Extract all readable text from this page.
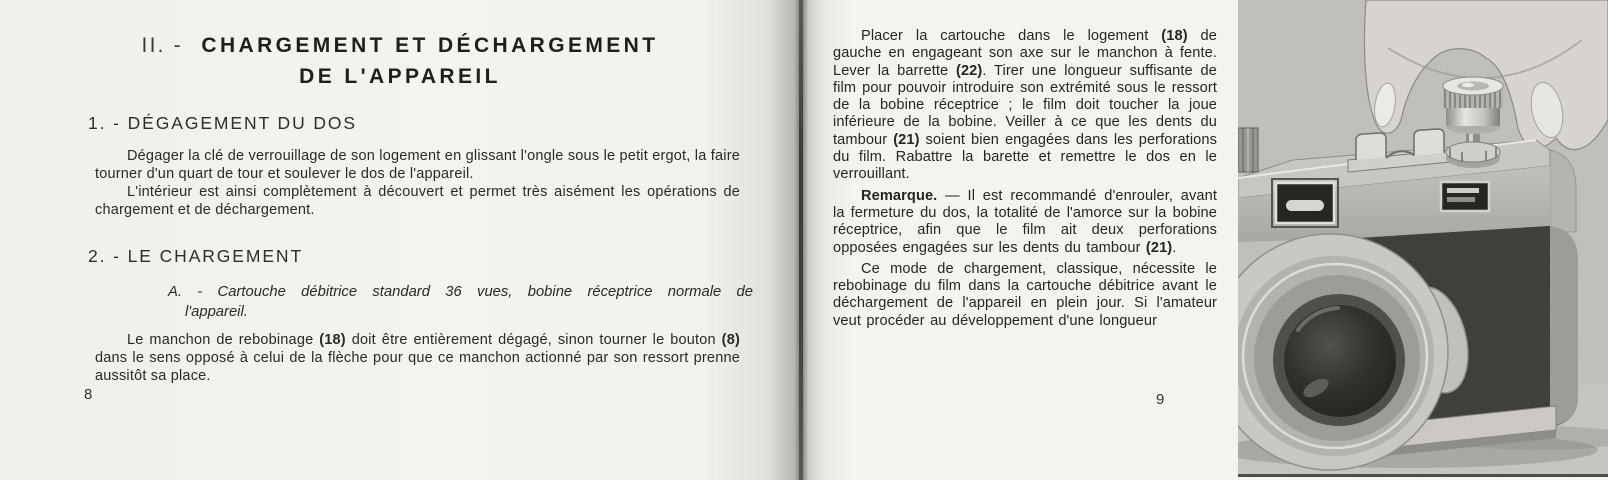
II. - CHARGEMENT ET DÉCHARGEMENT
DE L'APPAREIL
1. - DÉGAGEMENT DU DOS

Dégager la clé de verrouillage de son logement en glissant l'ongle sous le petit ergot, la faire tourner d'un quart de tour et soulever le dos de l'appareil.

L'intérieur est ainsi complètement à découvert et permet très aisément les opérations de chargement et de déchargement.

2. - LE CHARGEMENT

A. - Cartouche débitrice standard 36 vues, bobine réceptrice normale de l'appareil.

Le manchon de rebobinage (18) doit être entièrement dégagé, sinon tourner le bouton (8) dans le sens opposé à celui de la flèche pour que ce manchon actionné par son ressort prenne aussitôt sa place.

8

Placer la cartouche dans le logement (18) de gauche en engageant son axe sur le manchon à fente. Lever la barrette (22). Tirer une longueur suffisante de film pour pouvoir introduire son extrémité sous le ressort de la bobine réceptrice ; le film doit toucher la joue inférieure de la bobine. Veiller à ce que les dents du tambour (21) soient bien engagées dans les perforations du film. Rabattre la barette et remettre le dos en le verrouillant.

Remarque. — Il est recommandé d'enrouler, avant la fermeture du dos, la totalité de l'amorce sur la bobine réceptrice, afin que le film ait deux perforations opposées engagées sur les dents du tambour (21).

Ce mode de chargement, classique, nécessite le rebobinage du film dans la cartouche débitrice avant le déchargement de l'appareil en plein jour. Si l'amateur veut procéder au développement d'une longueur

9
